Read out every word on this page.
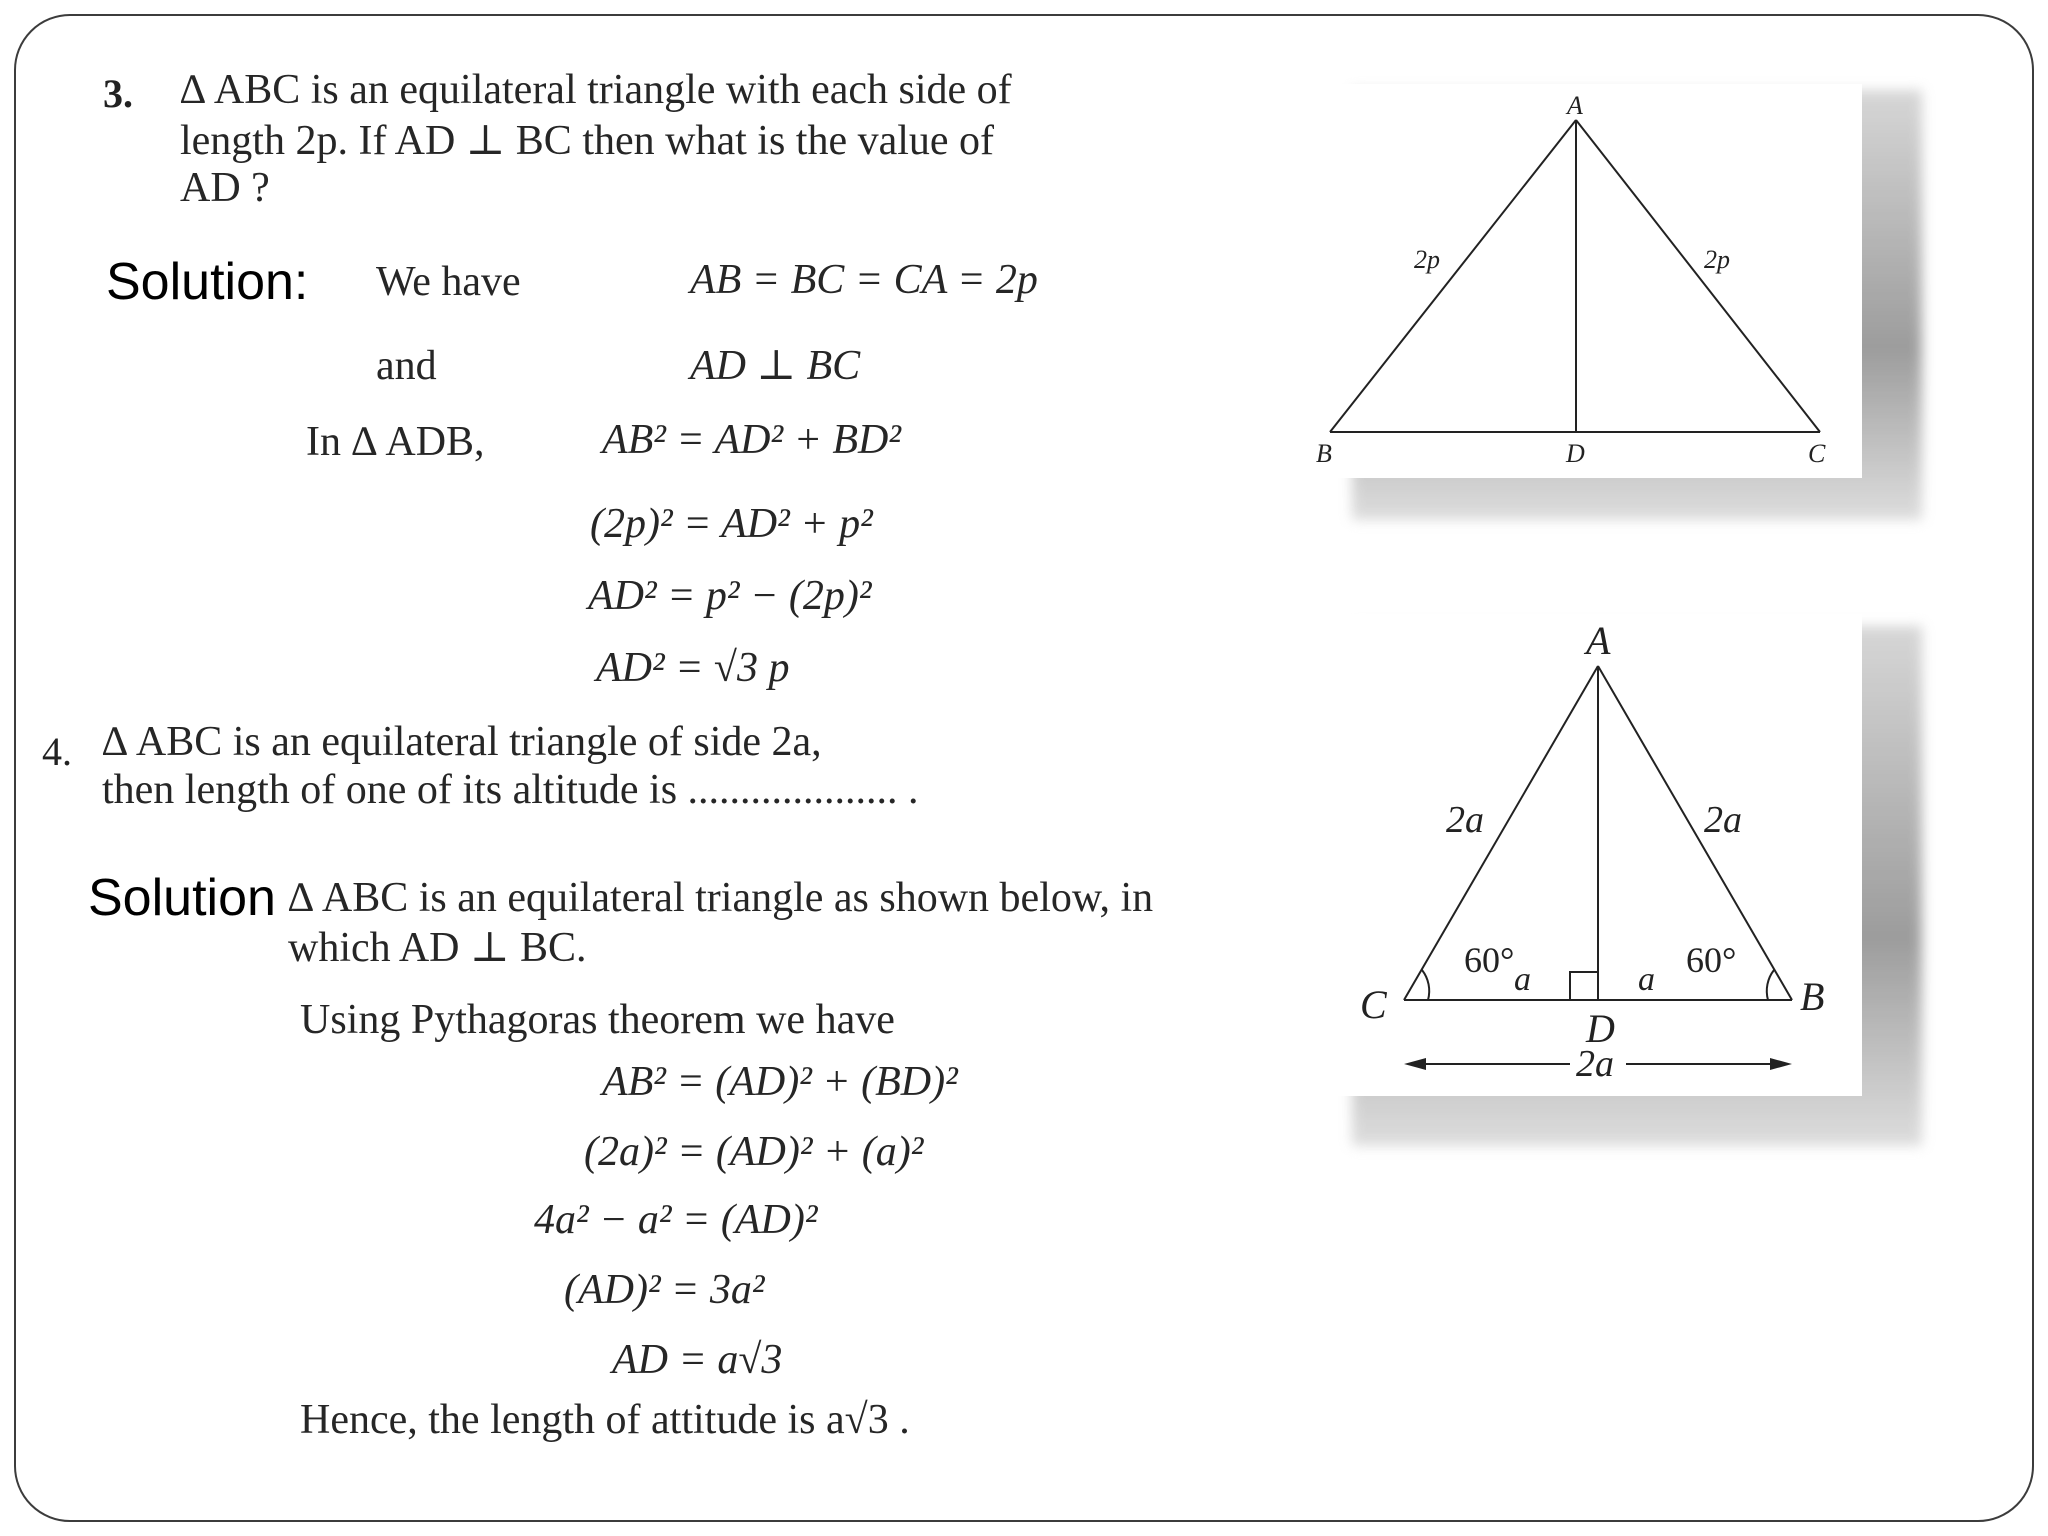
3. ∆ ABC is an equilateral triangle with each side of
length 2p. If AD ⊥ BC then what is the value of
AD ?
Solution: We have	AB = BC = CA = 2p
and	AD ⊥ BC
In ∆ ADB,	AB² = AD² + BD²
(2p)² = AD² + p²
AD² = p² − (2p)²
AD² = √3 p
4. ∆ ABC is an equilateral triangle of side 2a,
then length of one of its altitude is .................... .
Solution ∆ ABC is an equilateral triangle as shown below, in
which AD ⊥ BC.
Using Pythagoras theorem we have
AB² = (AD)² + (BD)²
(2a)² = (AD)² + (a)²
4a² − a² = (AD)²
(AD)² = 3a²
AD = a√3
Hence, the length of attitude is a√3 .
A
B	C
D
2p	2p
A
C	B
D
2a	2a
60°	60°
a	a
2a
